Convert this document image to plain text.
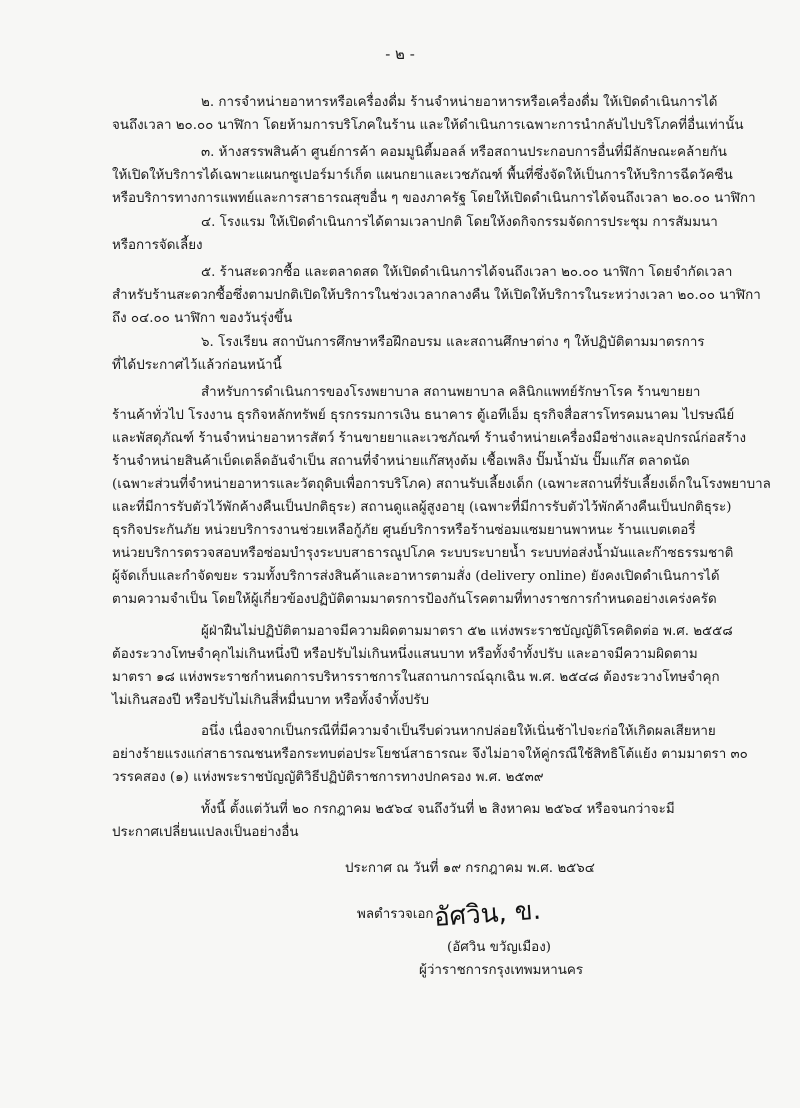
- ๒ -
๒. การจำหน่ายอาหารหรือเครื่องดื่ม ร้านจำหน่ายอาหารหรือเครื่องดื่ม ให้เปิดดำเนินการได้
จนถึงเวลา ๒๐.๐๐ นาฬิกา โดยห้ามการบริโภคในร้าน และให้ดำเนินการเฉพาะการนำกลับไปบริโภคที่อื่นเท่านั้น
๓. ห้างสรรพสินค้า ศูนย์การค้า คอมมูนิตี้มอลล์ หรือสถานประกอบการอื่นที่มีลักษณะคล้ายกัน
ให้เปิดให้บริการได้เฉพาะแผนกซูเปอร์มาร์เก็ต แผนกยาและเวชภัณฑ์ พื้นที่ซึ่งจัดให้เป็นการให้บริการฉีดวัคซีน
หรือบริการทางการแพทย์และการสาธารณสุขอื่น ๆ ของภาครัฐ โดยให้เปิดดำเนินการได้จนถึงเวลา ๒๐.๐๐ นาฬิกา
๔. โรงแรม ให้เปิดดำเนินการได้ตามเวลาปกติ โดยให้งดกิจกรรมจัดการประชุม การสัมมนา
หรือการจัดเลี้ยง
๕. ร้านสะดวกซื้อ และตลาดสด ให้เปิดดำเนินการได้จนถึงเวลา ๒๐.๐๐ นาฬิกา โดยจำกัดเวลา
สำหรับร้านสะดวกซื้อซึ่งตามปกติเปิดให้บริการในช่วงเวลากลางคืน ให้เปิดให้บริการในระหว่างเวลา ๒๐.๐๐ นาฬิกา
ถึง ๐๔.๐๐ นาฬิกา ของวันรุ่งขึ้น
๖. โรงเรียน สถาบันการศึกษาหรือฝึกอบรม และสถานศึกษาต่าง ๆ ให้ปฏิบัติตามมาตรการ
ที่ได้ประกาศไว้แล้วก่อนหน้านี้
สำหรับการดำเนินการของโรงพยาบาล สถานพยาบาล คลินิกแพทย์รักษาโรค ร้านขายยา
ร้านค้าทั่วไป โรงงาน ธุรกิจหลักทรัพย์ ธุรกรรมการเงิน ธนาคาร ตู้เอทีเอ็ม ธุรกิจสื่อสารโทรคมนาคม ไปรษณีย์
และพัสดุภัณฑ์ ร้านจำหน่ายอาหารสัตว์ ร้านขายยาและเวชภัณฑ์ ร้านจำหน่ายเครื่องมือช่างและอุปกรณ์ก่อสร้าง
ร้านจำหน่ายสินค้าเบ็ดเตล็ดอันจำเป็น สถานที่จำหน่ายแก๊สหุงต้ม เชื้อเพลิง ปั๊มน้ำมัน ปั๊มแก๊ส ตลาดนัด
(เฉพาะส่วนที่จำหน่ายอาหารและวัตถุดิบเพื่อการบริโภค) สถานรับเลี้ยงเด็ก (เฉพาะสถานที่รับเลี้ยงเด็กในโรงพยาบาล
และที่มีการรับตัวไว้พักค้างคืนเป็นปกติธุระ) สถานดูแลผู้สูงอายุ (เฉพาะที่มีการรับตัวไว้พักค้างคืนเป็นปกติธุระ)
ธุรกิจประกันภัย หน่วยบริการงานช่วยเหลือกู้ภัย ศูนย์บริการหรือร้านซ่อมแซมยานพาหนะ ร้านแบตเตอรี่
หน่วยบริการตรวจสอบหรือซ่อมบำรุงระบบสาธารณูปโภค ระบบระบายน้ำ ระบบท่อส่งน้ำมันและก๊าซธรรมชาติ
ผู้จัดเก็บและกำจัดขยะ รวมทั้งบริการส่งสินค้าและอาหารตามสั่ง (delivery online) ยังคงเปิดดำเนินการได้
ตามความจำเป็น โดยให้ผู้เกี่ยวข้องปฏิบัติตามมาตรการป้องกันโรคตามที่ทางราชการกำหนดอย่างเคร่งครัด
ผู้ฝ่าฝืนไม่ปฏิบัติตามอาจมีความผิดตามมาตรา ๕๒ แห่งพระราชบัญญัติโรคติดต่อ พ.ศ. ๒๕๕๘
ต้องระวางโทษจำคุกไม่เกินหนึ่งปี หรือปรับไม่เกินหนึ่งแสนบาท หรือทั้งจำทั้งปรับ และอาจมีความผิดตาม
มาตรา ๑๘ แห่งพระราชกำหนดการบริหารราชการในสถานการณ์ฉุกเฉิน พ.ศ. ๒๕๔๘ ต้องระวางโทษจำคุก
ไม่เกินสองปี หรือปรับไม่เกินสี่หมื่นบาท หรือทั้งจำทั้งปรับ
อนึ่ง เนื่องจากเป็นกรณีที่มีความจำเป็นรีบด่วนหากปล่อยให้เนิ่นช้าไปจะก่อให้เกิดผลเสียหาย
อย่างร้ายแรงแก่สาธารณชนหรือกระทบต่อประโยชน์สาธารณะ จึงไม่อาจให้คู่กรณีใช้สิทธิโต้แย้ง ตามมาตรา ๓๐
วรรคสอง (๑) แห่งพระราชบัญญัติวิธีปฏิบัติราชการทางปกครอง พ.ศ. ๒๕๓๙
ทั้งนี้ ตั้งแต่วันที่ ๒๐ กรกฎาคม ๒๕๖๔ จนถึงวันที่ ๒ สิงหาคม ๒๕๖๔ หรือจนกว่าจะมี
ประกาศเปลี่ยนแปลงเป็นอย่างอื่น
ประกาศ ณ วันที่ ๑๙ กรกฎาคม พ.ศ. ๒๕๖๔
พลตำรวจเอก อัศวิน, ข.
(อัศวิน ขวัญเมือง)
ผู้ว่าราชการกรุงเทพมหานคร
